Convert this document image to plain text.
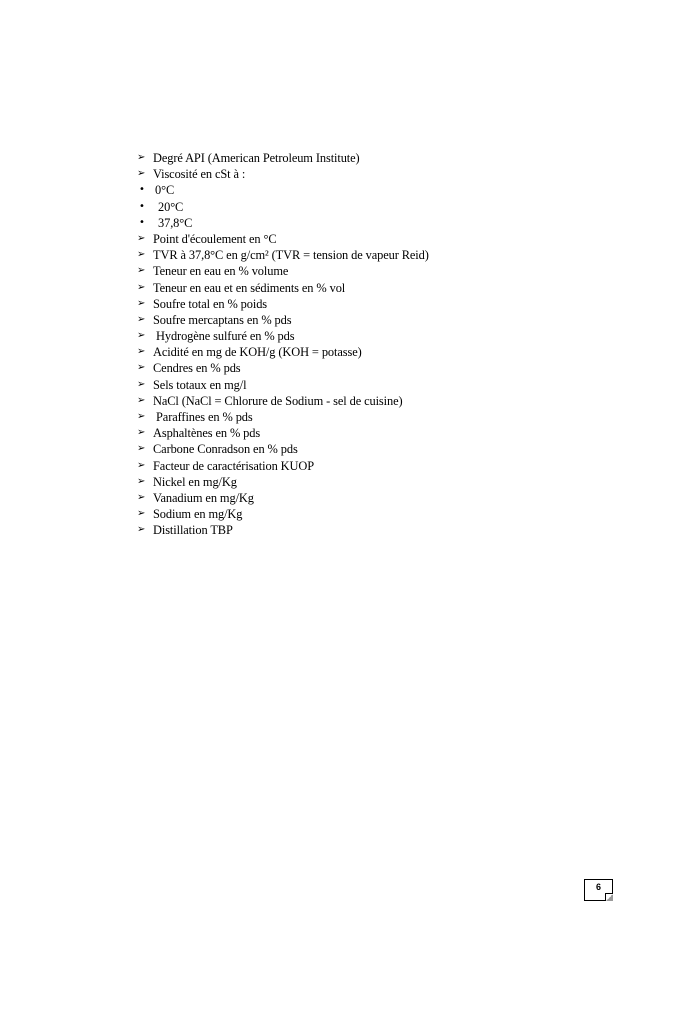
➢ Degré API (American Petroleum Institute)
➢ Viscosité en cSt à :
• 0°C
• 20°C
• 37,8°C
➢ Point d'écoulement en °C
➢ TVR à 37,8°C en g/cm² (TVR = tension de vapeur Reid)
➢ Teneur en eau en % volume
➢ Teneur en eau et en sédiments en % vol
➢ Soufre total en % poids
➢ Soufre mercaptans en % pds
➢ Hydrogène sulfuré en % pds
➢ Acidité en mg de KOH/g (KOH = potasse)
➢ Cendres en % pds
➢ Sels totaux en mg/l
➢ NaCl (NaCl = Chlorure de Sodium - sel de cuisine)
➢ Paraffines en % pds
➢ Asphaltènes en % pds
➢ Carbone Conradson en % pds
➢ Facteur de caractérisation KUOP
➢ Nickel en mg/Kg
➢ Vanadium en mg/Kg
➢ Sodium en mg/Kg
➢ Distillation TBP
6
